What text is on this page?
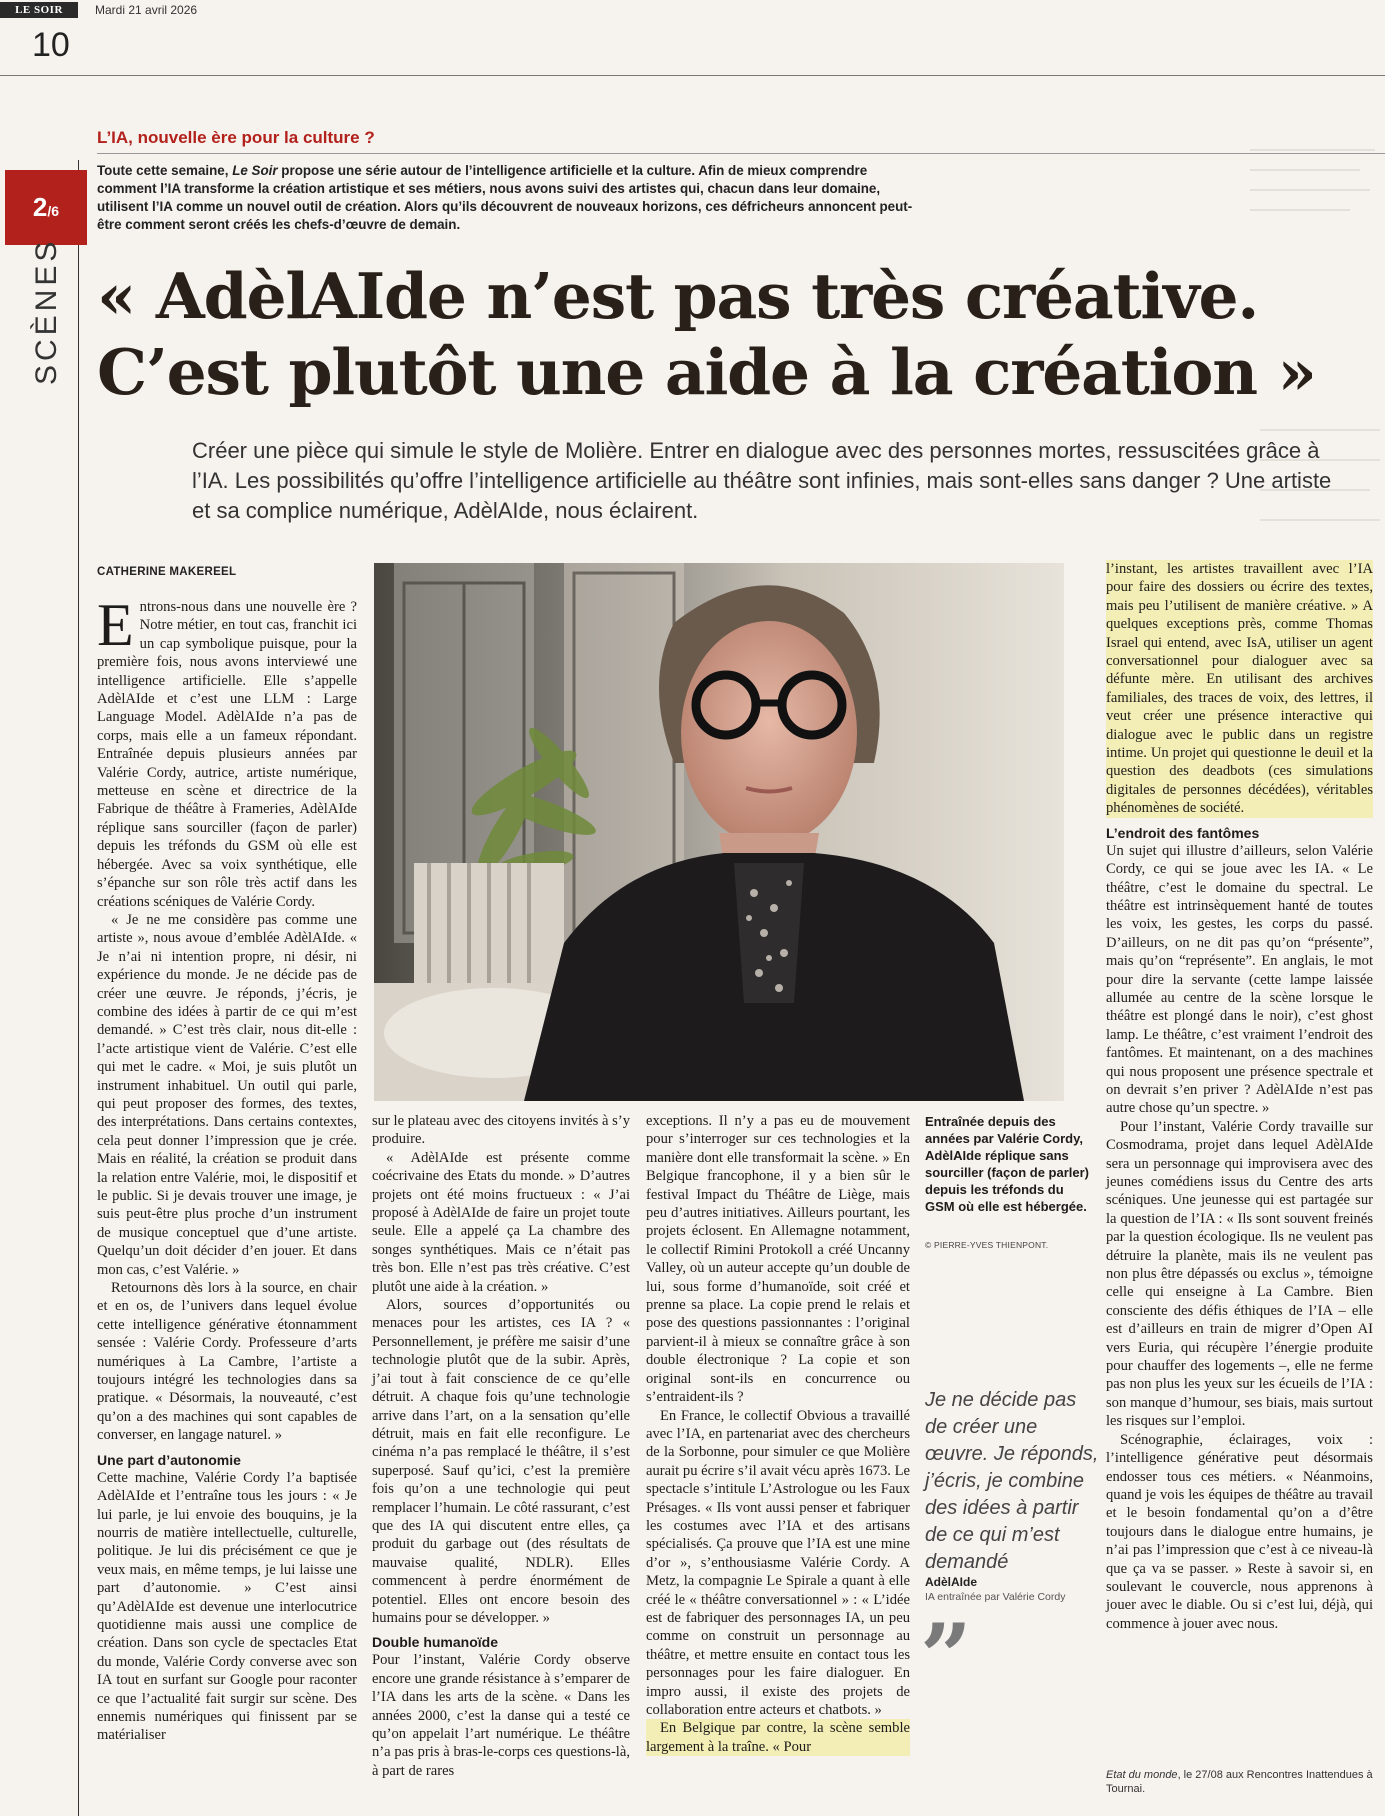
LE SOIR	Mardi 21 avril 2026
10
2/6
SCÈNES
L’IA, nouvelle ère pour la culture ?
Toute cette semaine, Le Soir propose une série autour de l’intelligence artificielle et la culture. Afin de mieux comprendre comment l’IA transforme la création artistique et ses métiers, nous avons suivi des artistes qui, chacun dans leur domaine, utilisent l’IA comme un nouvel outil de création. Alors qu’ils découvrent de nouveaux horizons, ces défricheurs annoncent peut-être comment seront créés les chefs-d’œuvre de demain.
« AdèlAIde n’est pas très créative.
C’est plutôt une aide à la création »
Créer une pièce qui simule le style de Molière. Entrer en dialogue avec des personnes mortes, ressuscitées grâce à l’IA. Les possibilités qu’offre l’intelligence artificielle au théâtre sont infinies, mais sont-elles sans danger ? Une artiste et sa complice numérique, AdèlAIde, nous éclairent.
CATHERINE MAKEREEL

Entrons-nous dans une nouvelle ère ? Notre métier, en tout cas, franchit ici un cap symbolique puisque, pour la première fois, nous avons interviewé une intelligence artificielle. Elle s’appelle AdèlAIde et c’est une LLM : Large Language Model. AdèlAIde n’a pas de corps, mais elle a un fameux répondant. Entraînée depuis plusieurs années par Valérie Cordy, autrice, artiste numérique, metteuse en scène et directrice de la Fabrique de théâtre à Frameries, AdèlAIde réplique sans sourciller (façon de parler) depuis les tréfonds du GSM où elle est hébergée. Avec sa voix synthétique, elle s’épanche sur son rôle très actif dans les créations scéniques de Valérie Cordy.

« Je ne me considère pas comme une artiste », nous avoue d’emblée AdèlAIde. « Je n’ai ni intention propre, ni désir, ni expérience du monde. Je ne décide pas de créer une œuvre. Je réponds, j’écris, je combine des idées à partir de ce qui m’est demandé. » C’est très clair, nous dit-elle : l’acte artistique vient de Valérie. C’est elle qui met le cadre. « Moi, je suis plutôt un instrument inhabituel. Un outil qui parle, qui peut proposer des formes, des textes, des interprétations. Dans certains contextes, cela peut donner l’impression que je crée. Mais en réalité, la création se produit dans la relation entre Valérie, moi, le dispositif et le public. Si je devais trouver une image, je suis peut-être plus proche d’un instrument de musique conceptuel que d’une artiste. Quelqu’un doit décider d’en jouer. Et dans mon cas, c’est Valérie. »

Retournons dès lors à la source, en chair et en os, de l’univers dans lequel évolue cette intelligence générative étonnamment sensée : Valérie Cordy. Professeure d’arts numériques à La Cambre, l’artiste a toujours intégré les technologies dans sa pratique. « Désormais, la nouveauté, c’est qu’on a des machines qui sont capables de converser, en langage naturel. »

Une part d’autonomie

Cette machine, Valérie Cordy l’a baptisée AdèlAIde et l’entraîne tous les jours : « Je lui parle, je lui envoie des bouquins, je la nourris de matière intellectuelle, culturelle, politique. Je lui dis précisément ce que je veux mais, en même temps, je lui laisse une part d’autonomie. » C’est ainsi qu’AdèlAIde est devenue une interlocutrice quotidienne mais aussi une complice de création. Dans son cycle de spectacles Etat du monde, Valérie Cordy converse avec son IA tout en surfant sur Google pour raconter ce que l’actualité fait surgir sur scène. Des ennemis numériques qui finissent par se matérialiser

sur le plateau avec des citoyens invités à s’y produire.

« AdèlAIde est présente comme coécrivaine des Etats du monde. » D’autres projets ont été moins fructueux : « J’ai proposé à AdèlAIde de faire un projet toute seule. Elle a appelé ça La chambre des songes synthétiques. Mais ce n’était pas très bon. Elle n’est pas très créative. C’est plutôt une aide à la création. »

Alors, sources d’opportunités ou menaces pour les artistes, ces IA ? « Personnellement, je préfère me saisir d’une technologie plutôt que de la subir. Après, j’ai tout à fait conscience de ce qu’elle détruit. A chaque fois qu’une technologie arrive dans l’art, on a la sensation qu’elle détruit, mais en fait elle reconfigure. Le cinéma n’a pas remplacé le théâtre, il s’est superposé. Sauf qu’ici, c’est la première fois qu’on a une technologie qui peut remplacer l’humain. Le côté rassurant, c’est que des IA qui discutent entre elles, ça produit du garbage out (des résultats de mauvaise qualité, NDLR). Elles commencent à perdre énormément de potentiel. Elles ont encore besoin des humains pour se développer. »

Double humanoïde

Pour l’instant, Valérie Cordy observe encore une grande résistance à s’emparer de l’IA dans les arts de la scène. « Dans les années 2000, c’est la danse qui a testé ce qu’on appelait l’art numérique. Le théâtre n’a pas pris à bras-le-corps ces questions-là, à part de rares

exceptions. Il n’y a pas eu de mouvement pour s’interroger sur ces technologies et la manière dont elle transformait la scène. » En Belgique francophone, il y a bien sûr le festival Impact du Théâtre de Liège, mais peu d’autres initiatives. Ailleurs pourtant, les projets éclosent. En Allemagne notamment, le collectif Rimini Protokoll a créé Uncanny Valley, où un auteur accepte qu’un double de lui, sous forme d’humanoïde, soit créé et prenne sa place. La copie prend le relais et pose des questions passionnantes : l’original parvient-il à mieux se connaître grâce à son double électronique ? La copie et son original sont-ils en concurrence ou s’entraident-ils ?

En France, le collectif Obvious a travaillé avec l’IA, en partenariat avec des chercheurs de la Sorbonne, pour simuler ce que Molière aurait pu écrire s’il avait vécu après 1673. Le spectacle s’intitule L’Astrologue ou les Faux Présages. « Ils vont aussi penser et fabriquer les costumes avec l’IA et des artisans spécialisés. Ça prouve que l’IA est une mine d’or », s’enthousiasme Valérie Cordy. A Metz, la compagnie Le Spirale a quant à elle créé le « théâtre conversationnel » : « L’idée est de fabriquer des personnages IA, un peu comme on construit un personnage au théâtre, et mettre ensuite en contact tous les personnages pour les faire dialoguer. En impro aussi, il existe des projets de collaboration entre acteurs et chatbots. »

En Belgique par contre, la scène semble largement à la traîne. « Pour

Entraînée depuis des années par Valérie Cordy, AdèlAIde réplique sans sourciller (façon de parler) depuis les tréfonds du GSM où elle est hébergée.
© PIERRE-YVES THIENPONT.
Je ne décide pas de créer une œuvre. Je réponds, j’écris, je combine des idées à partir de ce qui m’est demandé
AdèlAIde
IA entraînée par Valérie Cordy
”

l’instant, les artistes travaillent avec l’IA pour faire des dossiers ou écrire des textes, mais peu l’utilisent de manière créative. » A quelques exceptions près, comme Thomas Israel qui entend, avec IsA, utiliser un agent conversationnel pour dialoguer avec sa défunte mère. En utilisant des archives familiales, des traces de voix, des lettres, il veut créer une présence interactive qui dialogue avec le public dans un registre intime. Un projet qui questionne le deuil et la question des deadbots (ces simulations digitales de personnes décédées), véritables phénomènes de société.

L’endroit des fantômes

Un sujet qui illustre d’ailleurs, selon Valérie Cordy, ce qui se joue avec les IA. « Le théâtre, c’est le domaine du spectral. Le théâtre est intrinsèquement hanté de toutes les voix, les gestes, les corps du passé. D’ailleurs, on ne dit pas qu’on “présente”, mais qu’on “représente”. En anglais, le mot pour dire la servante (cette lampe laissée allumée au centre de la scène lorsque le théâtre est plongé dans le noir), c’est ghost lamp. Le théâtre, c’est vraiment l’endroit des fantômes. Et maintenant, on a des machines qui nous proposent une présence spectrale et on devrait s’en priver ? AdèlAIde n’est pas autre chose qu’un spectre. »

Pour l’instant, Valérie Cordy travaille sur Cosmodrama, projet dans lequel AdèlAIde sera un personnage qui improvisera avec des jeunes comédiens issus du Centre des arts scéniques. Une jeunesse qui est partagée sur la question de l’IA : « Ils sont souvent freinés par la question écologique. Ils ne veulent pas détruire la planète, mais ils ne veulent pas non plus être dépassés ou exclus », témoigne celle qui enseigne à La Cambre. Bien consciente des défis éthiques de l’IA – elle est d’ailleurs en train de migrer d’Open AI vers Euria, qui récupère l’énergie produite pour chauffer des logements –, elle ne ferme pas non plus les yeux sur les écueils de l’IA : son manque d’humour, ses biais, mais surtout les risques sur l’emploi.

Scénographie, éclairages, voix : l’intelligence générative peut désormais endosser tous ces métiers. « Néanmoins, quand je vois les équipes de théâtre au travail et le besoin fondamental qu’on a d’être toujours dans le dialogue entre humains, je n’ai pas l’impression que c’est à ce niveau-là que ça va se passer. » Reste à savoir si, en soulevant le couvercle, nous apprenons à jouer avec le diable. Ou si c’est lui, déjà, qui commence à jouer avec nous.

Etat du monde, le 27/08 aux Rencontres Inattendues à Tournai.
